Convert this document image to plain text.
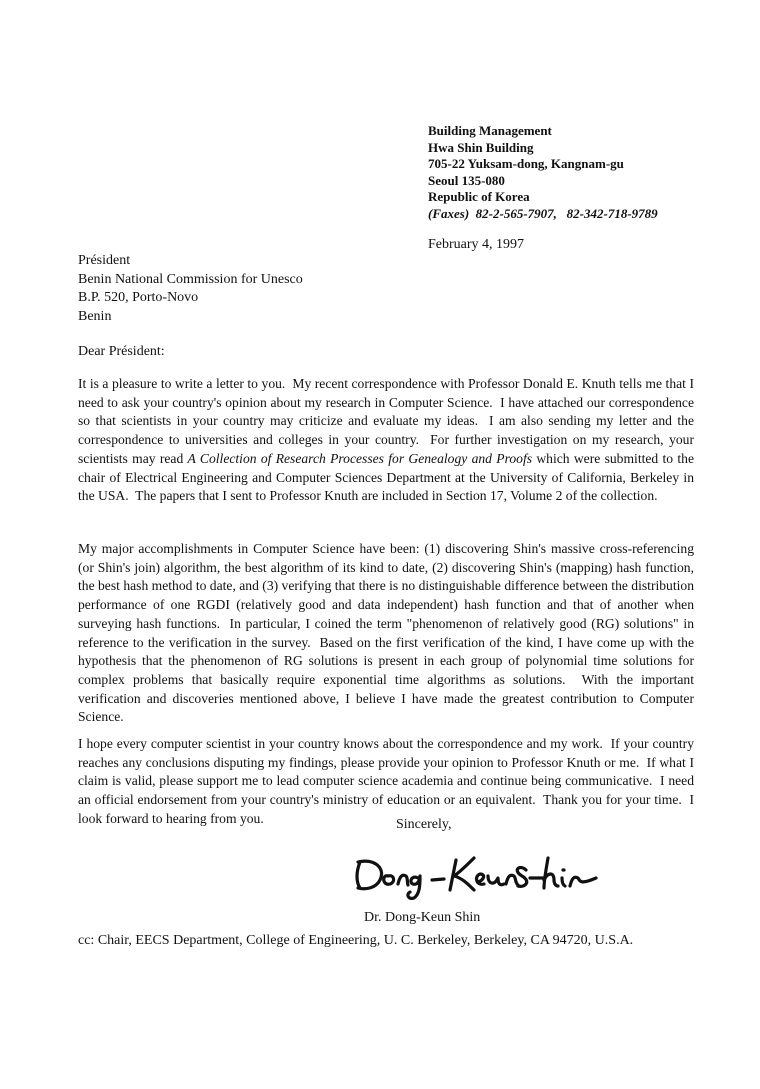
Building Management
Hwa Shin Building
705-22 Yuksam-dong, Kangnam-gu
Seoul 135-080
Republic of Korea
(Faxes) 82-2-565-7907,   82-342-718-9789
February 4, 1997
Président
Benin National Commission for Unesco
B.P. 520, Porto-Novo
Benin
Dear Président:

It is a pleasure to write a letter to you.  My recent correspondence with Professor Donald E. Knuth tells me that I need to ask your country's opinion about my research in Computer Science.  I have attached our correspondence so that scientists in your country may criticize and evaluate my ideas.  I am also sending my letter and the correspondence to universities and colleges in your country.  For further investigation on my research, your scientists may read A Collection of Research Processes for Genealogy and Proofs which were submitted to the chair of Electrical Engineering and Computer Sciences Department at the University of California, Berkeley in the USA.  The papers that I sent to Professor Knuth are included in Section 17, Volume 2 of the collection.

My major accomplishments in Computer Science have been: (1) discovering Shin's massive cross-referencing (or Shin's join) algorithm, the best algorithm of its kind to date, (2) discovering Shin's (mapping) hash function, the best hash method to date, and (3) verifying that there is no distinguishable difference between the distribution performance of one RGDI (relatively good and data independent) hash function and that of another when surveying hash functions.  In particular, I coined the term "phenomenon of relatively good (RG) solutions" in reference to the verification in the survey.  Based on the first verification of the kind, I have come up with the hypothesis that the phenomenon of RG solutions is present in each group of polynomial time solutions for complex problems that basically require exponential time algorithms as solutions.  With the important verification and discoveries mentioned above, I believe I have made the greatest contribution to Computer Science.

I hope every computer scientist in your country knows about the correspondence and my work.  If your country reaches any conclusions disputing my findings, please provide your opinion to Professor Knuth or me.  If what I claim is valid, please support me to lead computer science academia and continue being communicative.  I need an official endorsement from your country's ministry of education or an equivalent.  Thank you for your time.  I look forward to hearing from you.	Sincerely,
Dr. Dong-Keun Shin
cc: Chair, EECS Department, College of Engineering, U. C. Berkeley, Berkeley, CA 94720, U.S.A.
